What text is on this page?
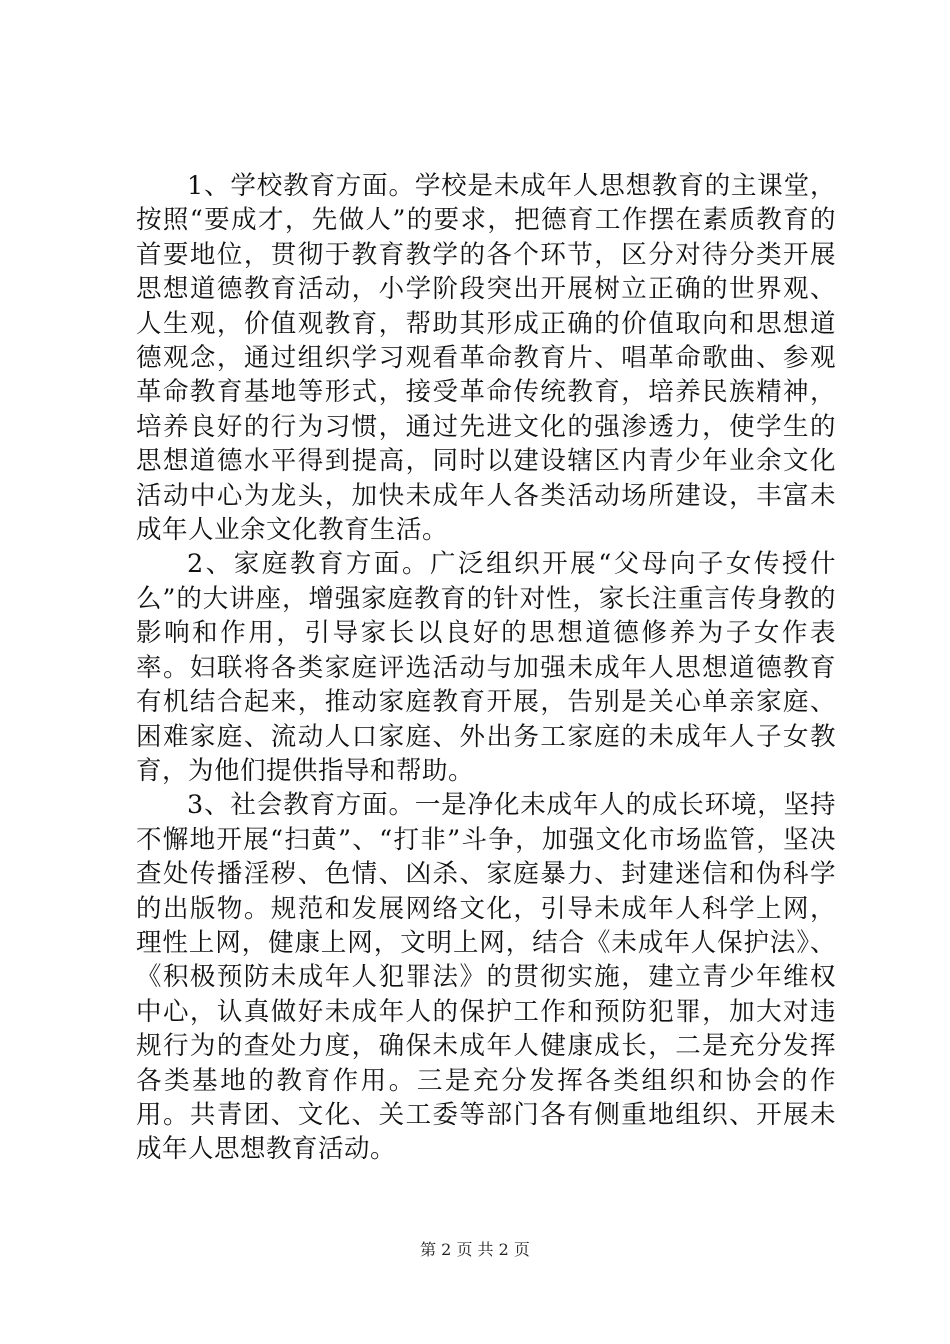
1、学校教育方面。学校是未成年人思想教育的主课堂，按照“要成才，先做人”的要求，把德育工作摆在素质教育的首要地位，贯彻于教育教学的各个环节，区分对待分类开展思想道德教育活动，小学阶段突出开展树立正确的世界观、人生观，价值观教育，帮助其形成正确的价值取向和思想道德观念，通过组织学习观看革命教育片、唱革命歌曲、参观革命教育基地等形式，接受革命传统教育，培养民族精神，培养良好的行为习惯，通过先进文化的强渗透力，使学生的思想道德水平得到提高，同时以建设辖区内青少年业余文化活动中心为龙头，加快未成年人各类活动场所建设，丰富未成年人业余文化教育生活。

2、家庭教育方面。广泛组织开展“父母向子女传授什么”的大讲座，增强家庭教育的针对性，家长注重言传身教的影响和作用，引导家长以良好的思想道德修养为子女作表率。妇联将各类家庭评选活动与加强未成年人思想道德教育有机结合起来，推动家庭教育开展，告别是关心单亲家庭、困难家庭、流动人口家庭、外出务工家庭的未成年人子女教育，为他们提供指导和帮助。

3、社会教育方面。一是净化未成年人的成长环境，坚持不懈地开展“扫黄”、“打非”斗争，加强文化市场监管，坚决查处传播淫秽、色情、凶杀、家庭暴力、封建迷信和伪科学的出版物。规范和发展网络文化，引导未成年人科学上网，理性上网，健康上网，文明上网，结合《未成年人保护法》、《积极预防未成年人犯罪法》的贯彻实施，建立青少年维权中心，认真做好未成年人的保护工作和预防犯罪，加大对违规行为的查处力度，确保未成年人健康成长，二是充分发挥各类基地的教育作用。三是充分发挥各类组织和协会的作用。共青团、文化、关工委等部门各有侧重地组织、开展未成年人思想教育活动。

第 2 页 共 2 页
